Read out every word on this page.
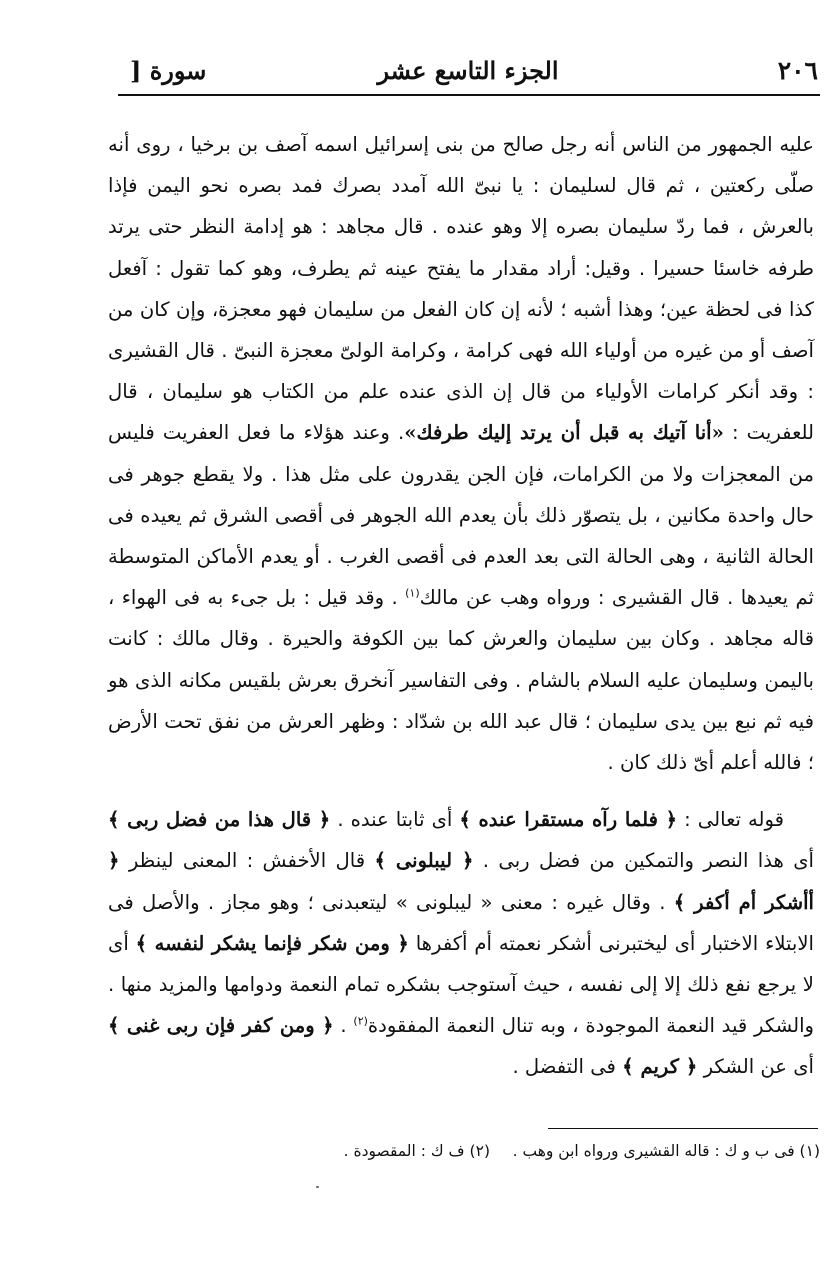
٢٠٦
الجزء التاسع عشر
سورة [

عليه الجمهور من الناس أنه رجل صالح من بنى إسرائيل اسمه آصف بن برخيا ، روى أنه صلّى ركعتين ، ثم قال لسليمان : يا نبىّ الله آمدد بصرك فمد بصره نحو اليمن فإذا بالعرش ، فما ردّ سليمان بصره إلا وهو عنده . قال مجاهد : هو إدامة النظر حتى يرتد طرفه خاسئا حسيرا . وقيل: أراد مقدار ما يفتح عينه ثم يطرف، وهو كما تقول : آفعل كذا فى لحظة عين؛ وهذا أشبه ؛ لأنه إن كان الفعل من سليمان فهو معجزة، وإن كان من آصف أو من غيره من أولياء الله فهى كرامة ، وكرامة الولىّ معجزة النبىّ . قال القشيرى : وقد أنكر كرامات الأولياء من قال إن الذى عنده علم من الكتاب هو سليمان ، قال للعفريت : «أنا آتيك به قبل أن يرتد إليك طرفك». وعند هؤلاء ما فعل العفريت فليس من المعجزات ولا من الكرامات، فإن الجن يقدرون على مثل هذا . ولا يقطع جوهر فى حال واحدة مكانين ، بل يتصوّر ذلك بأن يعدم الله الجوهر فى أقصى الشرق ثم يعيده فى الحالة الثانية ، وهى الحالة التى بعد العدم فى أقصى الغرب . أو يعدم الأماكن المتوسطة ثم يعيدها . قال القشيرى : ورواه وهب عن مالك$^{(١)}$ . وقد قيل : بل جىء به فى الهواء ، قاله مجاهد . وكان بين سليمان والعرش كما بين الكوفة والحيرة . وقال مالك : كانت باليمن وسليمان عليه السلام بالشام . وفى التفاسير آنخرق بعرش بلقيس مكانه الذى هو فيه ثم نبع بين يدى سليمان ؛ قال عبد الله بن شدّاد : وظهر العرش من نفق تحت الأرض ؛ فالله أعلم أىّ ذلك كان .

قوله تعالى : ﴿ فلما رآه مستقرا عنده ﴾ أى ثابتا عنده . ﴿ قال هذا من فضل ربى ﴾ أى هذا النصر والتمكين من فضل ربى . ﴿ ليبلونى ﴾ قال الأخفش : المعنى لينظر ﴿ أأشكر أم أكفر ﴾ . وقال غيره : معنى « ليبلونى » ليتعبدنى ؛ وهو مجاز . والأصل فى الابتلاء الاختبار أى ليختبرنى أشكر نعمته أم أكفرها ﴿ ومن شكر فإنما يشكر لنفسه ﴾ أى لا يرجع نفع ذلك إلا إلى نفسه ، حيث آستوجب بشكره تمام النعمة ودوامها والمزيد منها . والشكر قيد النعمة الموجودة ، وبه تنال النعمة المفقودة$^{(٢)}$ . ﴿ ومن كفر فإن ربى غنى ﴾ أى عن الشكر ﴿ كريم ﴾ فى التفضل .

(١) فى ب و ك : قاله القشيرى ورواه ابن وهب .
(٢) ف ك : المقصودة .
